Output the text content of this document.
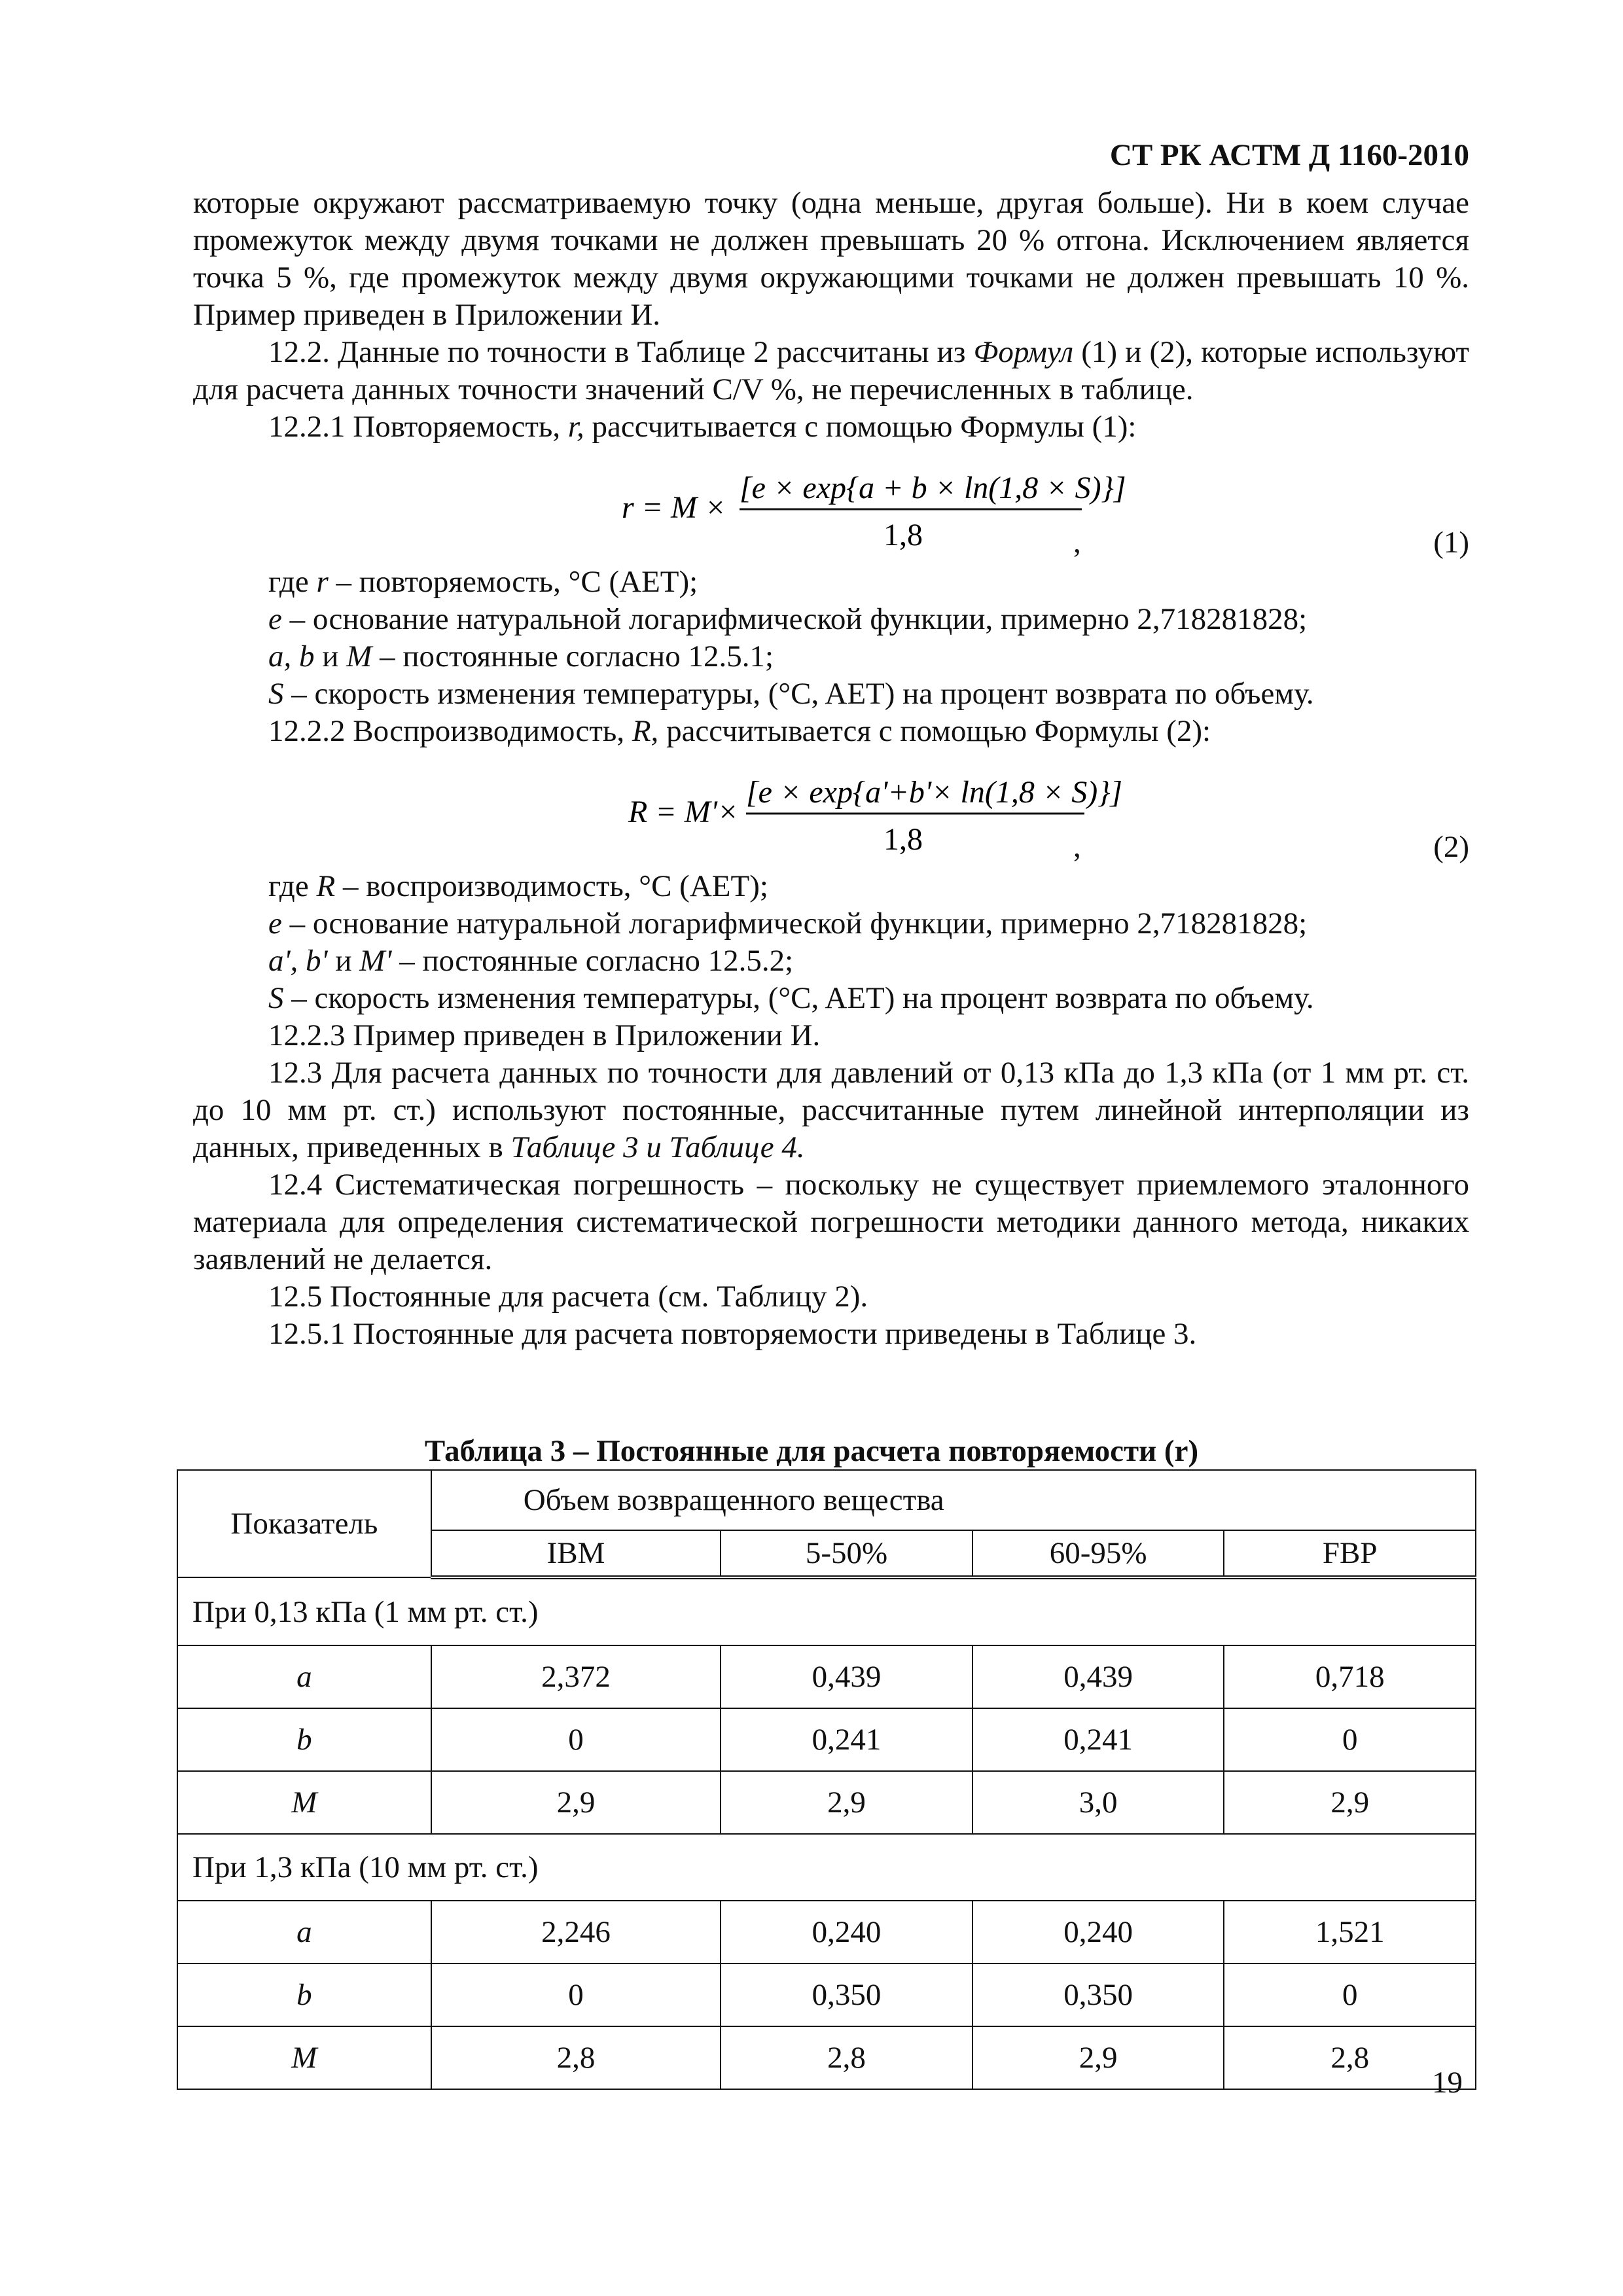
СТ РК АСТМ Д 1160-2010

которые окружают рассматриваемую точку (одна меньше, другая больше). Ни в коем случае промежуток между двумя точками не должен превышать 20 % отгона. Исключением является точка 5 %, где промежуток между двумя окружающими точками не должен превышать 10 %. Пример приведен в Приложении И.

12.2. Данные по точности в Таблице 2 рассчитаны из Формул (1) и (2), которые используют для расчета данных точности значений C/V %, не перечисленных в таблице.

12.2.1 Повторяемость, r, рассчитывается с помощью Формулы (1):

r = M ×
[e × exp{a + b × ln(1,8 × S)}]
1,8	,	(1)

где r – повторяемость, °C (AET);

e – основание натуральной логарифмической функции, примерно 2,718281828;

a, b и M – постоянные согласно 12.5.1;

S – скорость изменения температуры, (°C, AET) на процент возврата по объему.

12.2.2 Воспроизводимость, R, рассчитывается с помощью Формулы (2):

R = M'×
[e × exp{a'+b'× ln(1,8 × S)}]
1,8	,	(2)

где R – воспроизводимость, °C (AET);

e – основание натуральной логарифмической функции, примерно 2,718281828;

a', b' и M' – постоянные согласно 12.5.2;

S – скорость изменения температуры, (°C, AET) на процент возврата по объему.

12.2.3 Пример приведен в Приложении И.

12.3 Для расчета данных по точности для давлений от 0,13 кПа до 1,3 кПа (от 1 мм рт. ст. до 10 мм рт. ст.) используют постоянные, рассчитанные путем линейной интерполяции из данных, приведенных в Таблице 3 и Таблице 4.

12.4 Систематическая погрешность – поскольку не существует приемлемого эталонного материала для определения систематической погрешности методики данного метода, никаких заявлений не делается.

12.5 Постоянные для расчета (см. Таблицу 2).

12.5.1 Постоянные для расчета повторяемости приведены в Таблице 3.

Таблица 3 – Постоянные для расчета повторяемости (r)
Показатель	Объем возвращенного вещества			
	IBM	5-50%	60-95%	FBP
При 0,13 кПа (1 мм рт. ст.)				
a	2,372	0,439	0,439	0,718
b	0	0,241	0,241	0
M	2,9	2,9	3,0	2,9
При 1,3 кПа (10 мм рт. ст.)				
a	2,246	0,240	0,240	1,521
b	0	0,350	0,350	0
M	2,8	2,8	2,9	2,8
19
